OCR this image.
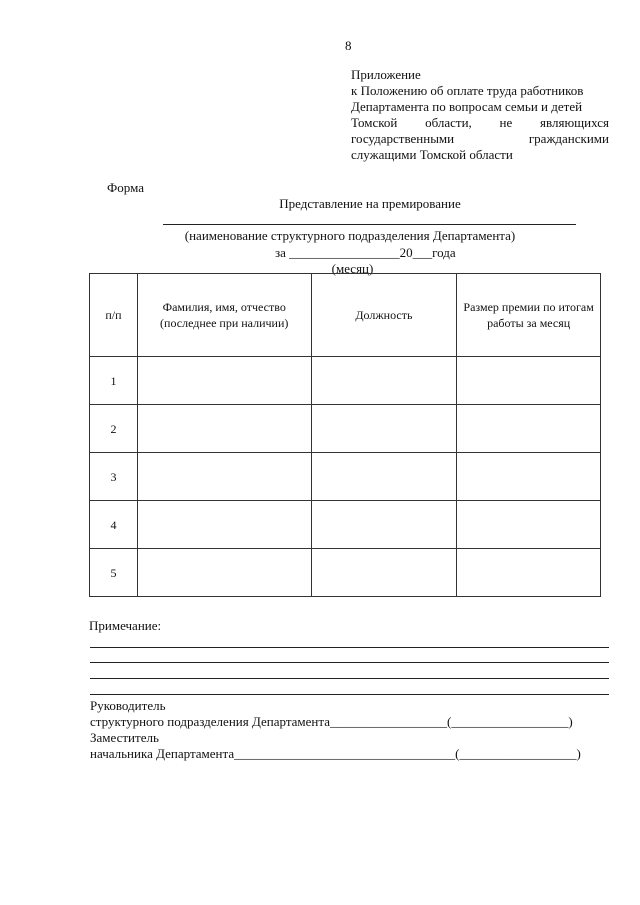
8
Приложение
к Положению об оплате труда работников
Департамента по вопросам семьи и детей
Томской области, не являющихся
государственными	гражданскими
служащими Томской области
Форма
Представление на премирование
(наименование структурного подразделения Департамента)
за _________________20___года
(месяц)
п/п	Фамилия, имя, отчество (последнее при наличии)	Должность	Размер премии по итогам работы за месяц
1			
2			
3			
4			
5			
Примечание:
Руководитель
структурного подразделения Департамента__________________(__________________)
Заместитель
начальника Департамента__________________________________(__________________)
